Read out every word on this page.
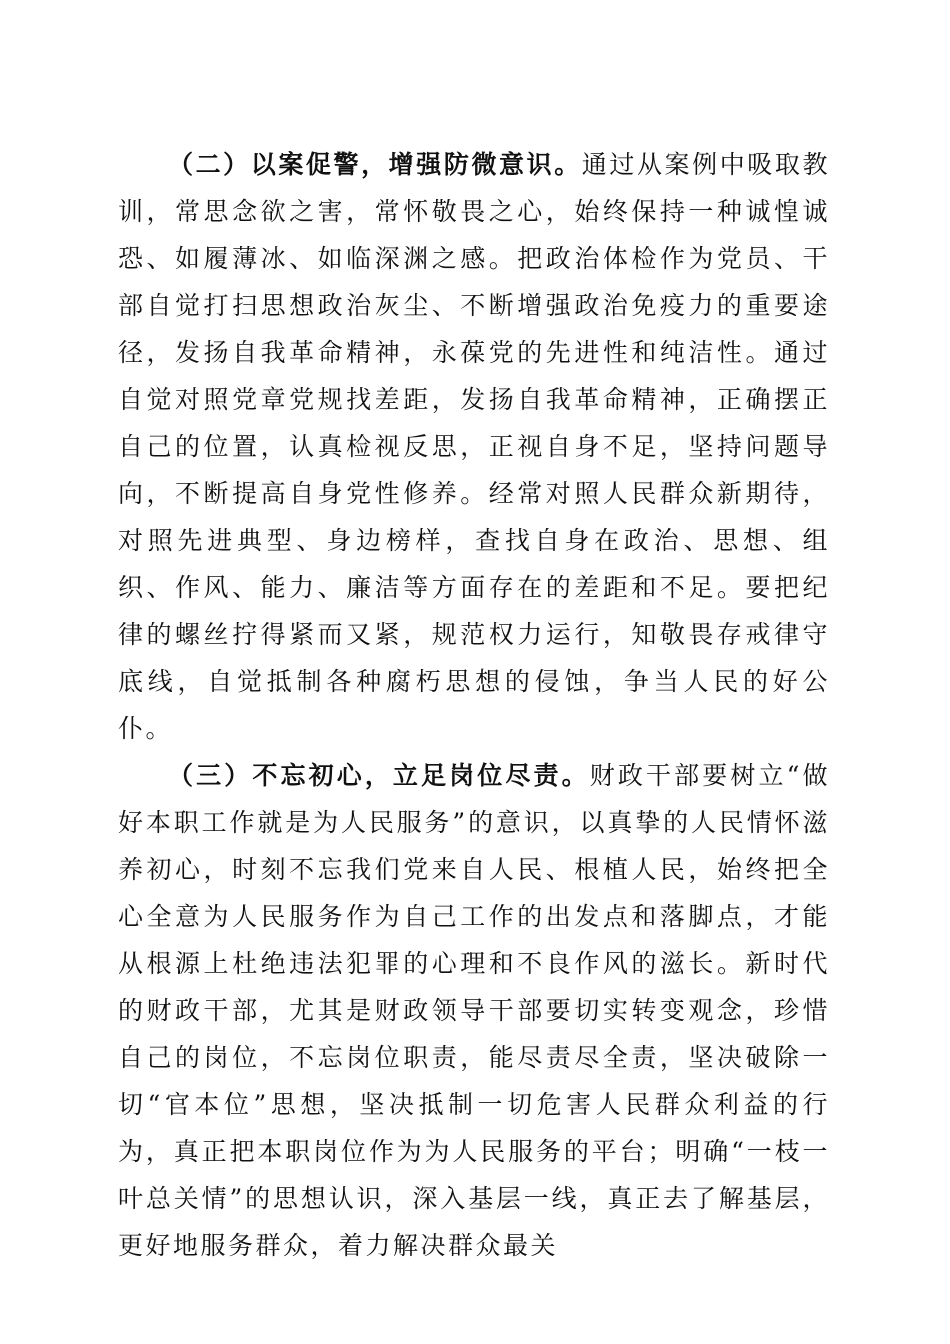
（二）以案促警，增强防微意识。通过从案例中吸取教训，常思念欲之害，常怀敬畏之心，始终保持一种诚惶诚恐、如履薄冰、如临深渊之感。把政治体检作为党员、干部自觉打扫思想政治灰尘、不断增强政治免疫力的重要途径，发扬自我革命精神，永葆党的先进性和纯洁性。通过自觉对照党章党规找差距，发扬自我革命精神，正确摆正自己的位置，认真检视反思，正视自身不足，坚持问题导向，不断提高自身党性修养。经常对照人民群众新期待，对照先进典型、身边榜样，查找自身在政治、思想、组织、作风、能力、廉洁等方面存在的差距和不足。要把纪律的螺丝拧得紧而又紧，规范权力运行，知敬畏存戒律守底线，自觉抵制各种腐朽思想的侵蚀，争当人民的好公仆。

（三）不忘初心，立足岗位尽责。财政干部要树立“做好本职工作就是为人民服务”的意识，以真挚的人民情怀滋养初心，时刻不忘我们党来自人民、根植人民，始终把全心全意为人民服务作为自己工作的出发点和落脚点，才能从根源上杜绝违法犯罪的心理和不良作风的滋长。新时代的财政干部，尤其是财政领导干部要切实转变观念，珍惜自己的岗位，不忘岗位职责，能尽责尽全责，坚决破除一切“官本位”思想，坚决抵制一切危害人民群众利益的行为，真正把本职岗位作为为人民服务的平台；明确“一枝一叶总关情”的思想认识，深入基层一线，真正去了解基层，更好地服务群众，着力解决群众最关
